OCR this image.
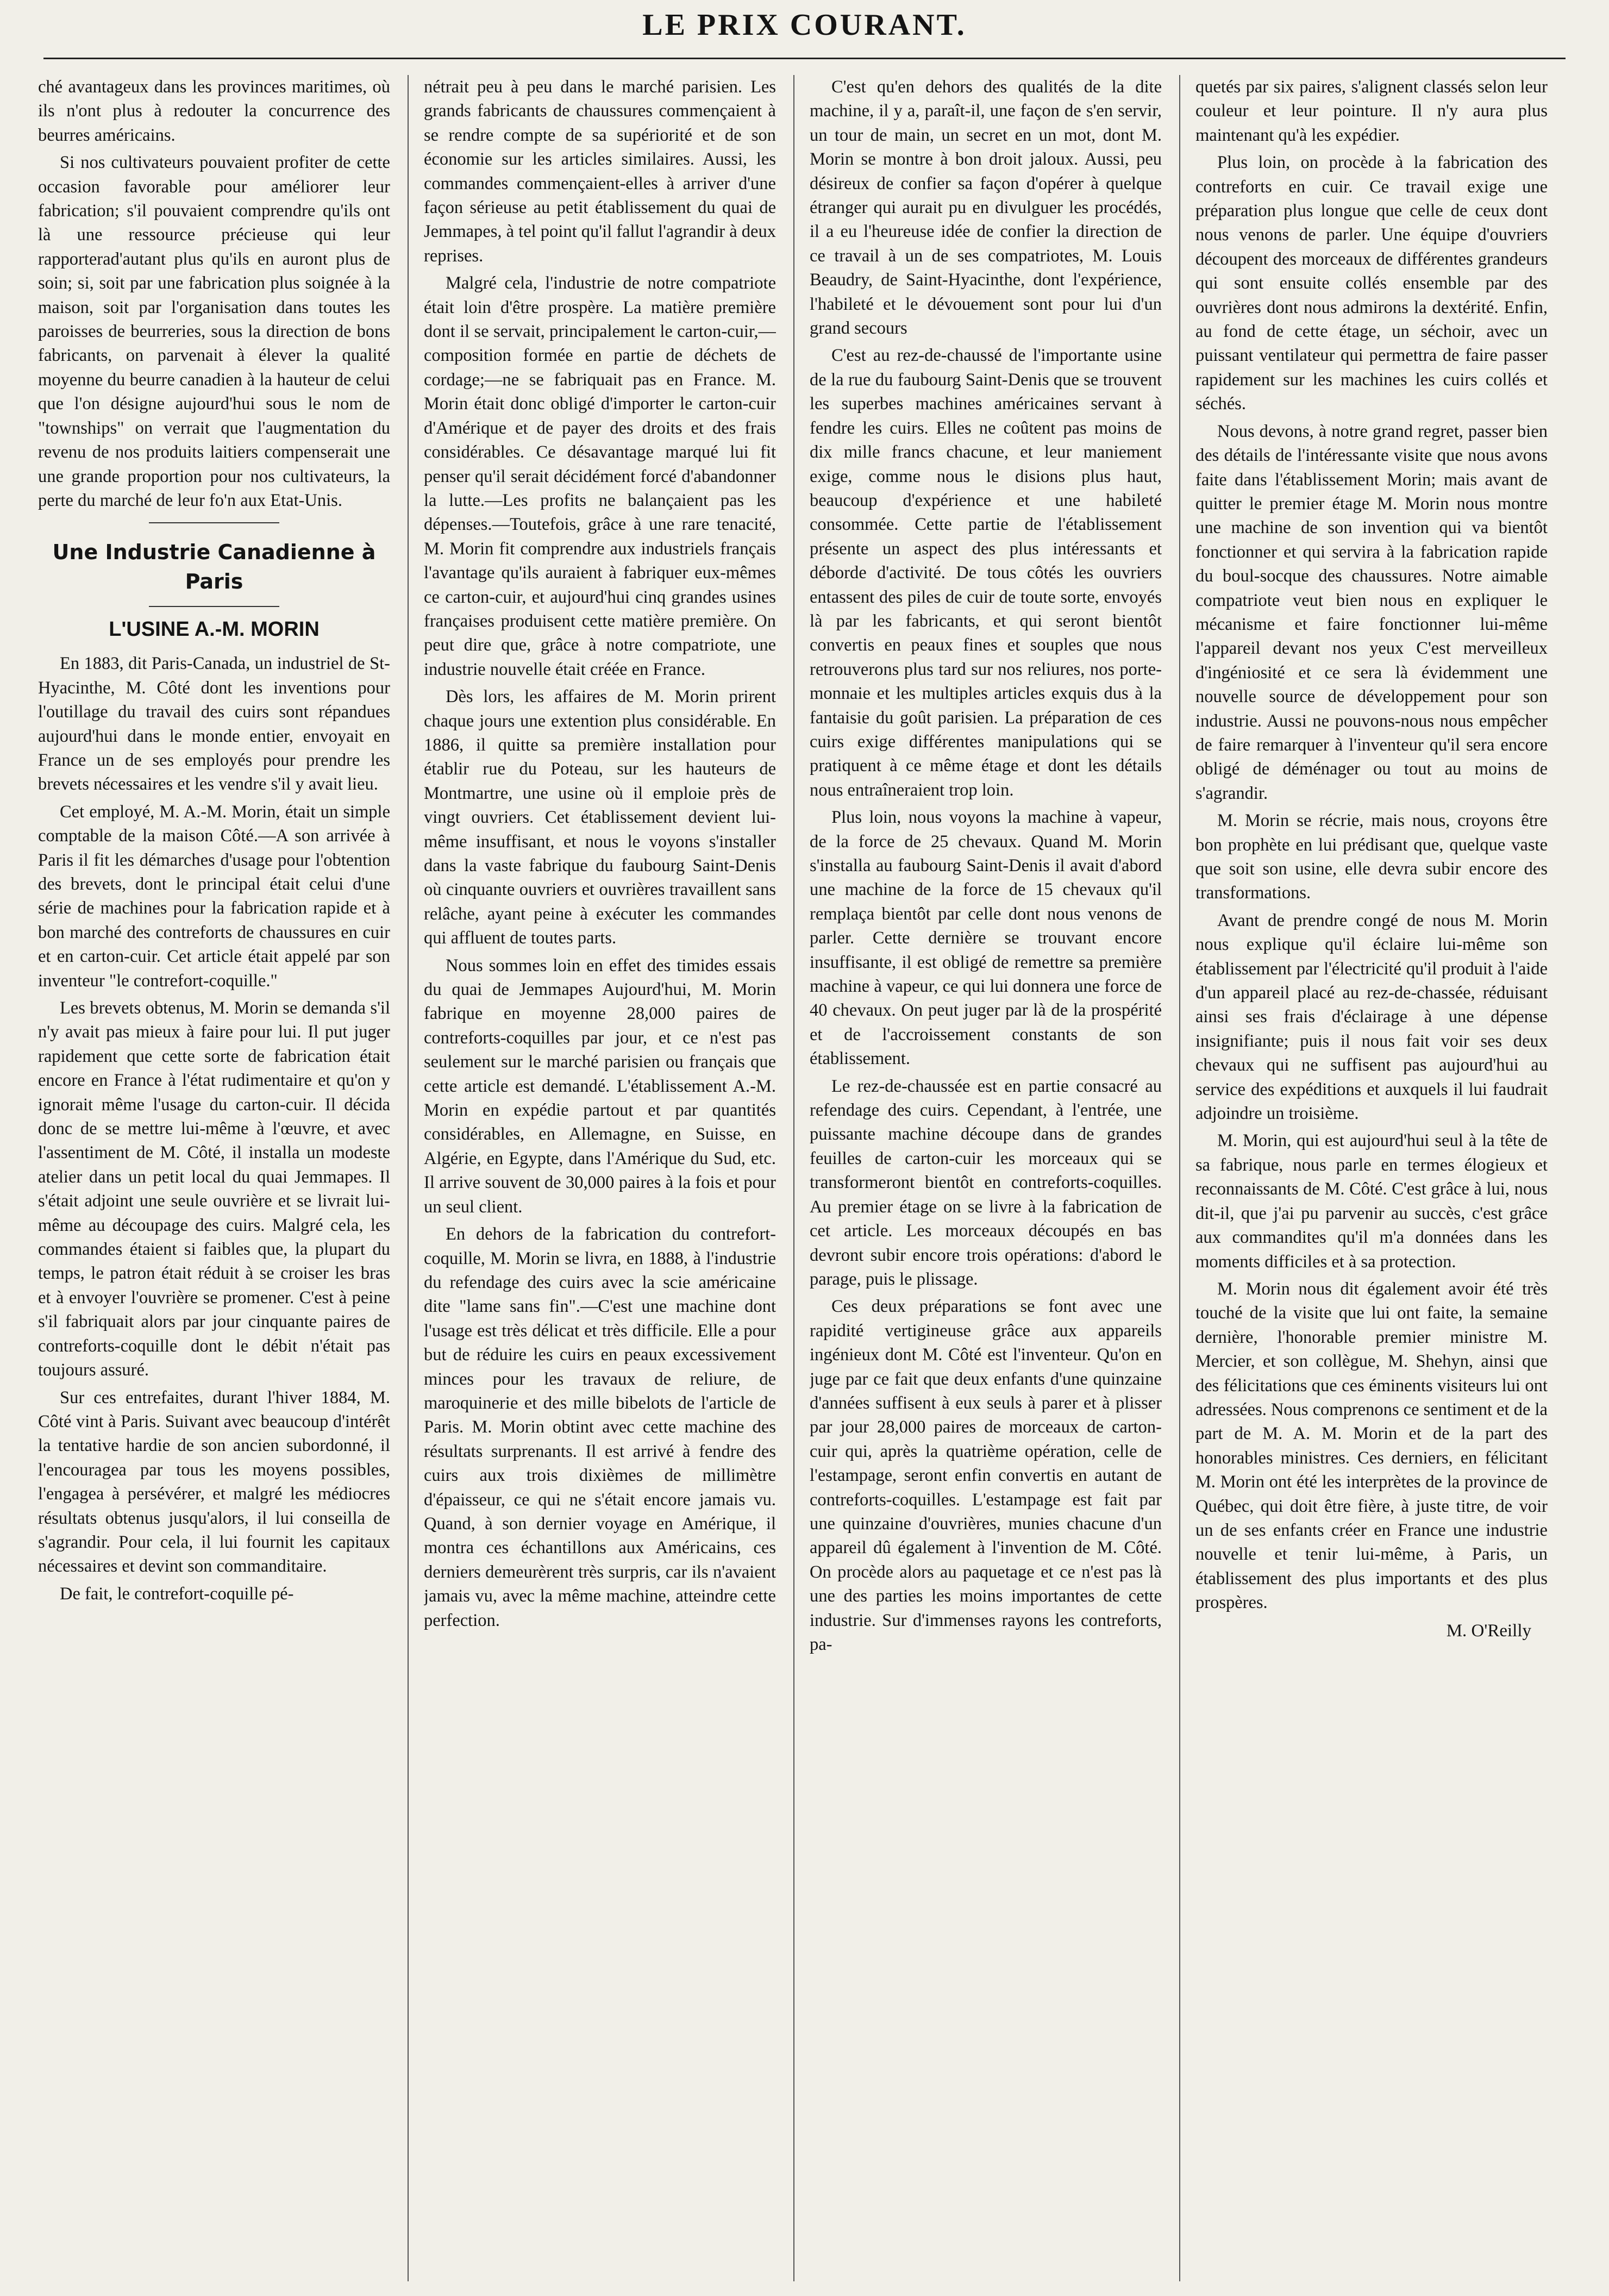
LE PRIX COURANT.

ché avantageux dans les provinces maritimes, où ils n'ont plus à redouter la concurrence des beurres américains.

Si nos cultivateurs pouvaient profiter de cette occasion favorable pour améliorer leur fabrication; s'il pouvaient comprendre qu'ils ont là une ressource précieuse qui leur rapporterad'autant plus qu'ils en auront plus de soin; si, soit par une fabrication plus soignée à la maison, soit par l'organisation dans toutes les paroisses de beurreries, sous la direction de bons fabricants, on parvenait à élever la qualité moyenne du beurre canadien à la hauteur de celui que l'on désigne aujourd'hui sous le nom de "townships" on verrait que l'augmentation du revenu de nos produits laitiers compenserait une une grande proportion pour nos cultivateurs, la perte du marché de leur fo'n aux Etat-Unis.

Une Industrie Canadienne à Paris
L'USINE A.-M. MORIN

En 1883, dit Paris-Canada, un industriel de St-Hyacinthe, M. Côté dont les inventions pour l'outillage du travail des cuirs sont répandues aujourd'hui dans le monde entier, envoyait en France un de ses employés pour prendre les brevets nécessaires et les vendre s'il y avait lieu.

Cet employé, M. A.-M. Morin, était un simple comptable de la maison Côté.—A son arrivée à Paris il fit les démarches d'usage pour l'obtention des brevets, dont le principal était celui d'une série de machines pour la fabrication rapide et à bon marché des contreforts de chaussures en cuir et en carton-cuir. Cet article était appelé par son inventeur "le contrefort-coquille."

Les brevets obtenus, M. Morin se demanda s'il n'y avait pas mieux à faire pour lui. Il put juger rapidement que cette sorte de fabrication était encore en France à l'état rudimentaire et qu'on y ignorait même l'usage du carton-cuir. Il décida donc de se mettre lui-même à l'œuvre, et avec l'assentiment de M. Côté, il installa un modeste atelier dans un petit local du quai Jemmapes. Il s'était adjoint une seule ouvrière et se livrait lui-même au découpage des cuirs. Malgré cela, les commandes étaient si faibles que, la plupart du temps, le patron était réduit à se croiser les bras et à envoyer l'ouvrière se promener. C'est à peine s'il fabriquait alors par jour cinquante paires de contreforts-coquille dont le débit n'était pas toujours assuré.

Sur ces entrefaites, durant l'hiver 1884, M. Côté vint à Paris. Suivant avec beaucoup d'intérêt la tentative hardie de son ancien subordonné, il l'encouragea par tous les moyens possibles, l'engagea à persévérer, et malgré les médiocres résultats obtenus jusqu'alors, il lui conseilla de s'agrandir. Pour cela, il lui fournit les capitaux nécessaires et devint son commanditaire.

De fait, le contrefort-coquille pé-

nétrait peu à peu dans le marché parisien. Les grands fabricants de chaussures commençaient à se rendre compte de sa supériorité et de son économie sur les articles similaires. Aussi, les commandes commençaient-elles à arriver d'une façon sérieuse au petit établissement du quai de Jemmapes, à tel point qu'il fallut l'agrandir à deux reprises.

Malgré cela, l'industrie de notre compatriote était loin d'être prospère. La matière première dont il se servait, principalement le carton-cuir,—composition formée en partie de déchets de cordage;—ne se fabriquait pas en France. M. Morin était donc obligé d'importer le carton-cuir d'Amérique et de payer des droits et des frais considérables. Ce désavantage marqué lui fit penser qu'il serait décidément forcé d'abandonner la lutte.—Les profits ne balançaient pas les dépenses.—Toutefois, grâce à une rare tenacité, M. Morin fit comprendre aux industriels français l'avantage qu'ils auraient à fabriquer eux-mêmes ce carton-cuir, et aujourd'hui cinq grandes usines françaises produisent cette matière première. On peut dire que, grâce à notre compatriote, une industrie nouvelle était créée en France.

Dès lors, les affaires de M. Morin prirent chaque jours une extention plus considérable. En 1886, il quitte sa première installation pour établir rue du Poteau, sur les hauteurs de Montmartre, une usine où il emploie près de vingt ouvriers. Cet établissement devient lui-même insuffisant, et nous le voyons s'installer dans la vaste fabrique du faubourg Saint-Denis où cinquante ouvriers et ouvrières travaillent sans relâche, ayant peine à exécuter les commandes qui affluent de toutes parts.

Nous sommes loin en effet des timides essais du quai de Jemmapes Aujourd'hui, M. Morin fabrique en moyenne 28,000 paires de contreforts-coquilles par jour, et ce n'est pas seulement sur le marché parisien ou français que cette article est demandé. L'établissement A.-M. Morin en expédie partout et par quantités considérables, en Allemagne, en Suisse, en Algérie, en Egypte, dans l'Amérique du Sud, etc. Il arrive souvent de 30,000 paires à la fois et pour un seul client.

En dehors de la fabrication du contrefort-coquille, M. Morin se livra, en 1888, à l'industrie du refendage des cuirs avec la scie américaine dite "lame sans fin".—C'est une machine dont l'usage est très délicat et très difficile. Elle a pour but de réduire les cuirs en peaux excessivement minces pour les travaux de reliure, de maroquinerie et des mille bibelots de l'article de Paris. M. Morin obtint avec cette machine des résultats surprenants. Il est arrivé à fendre des cuirs aux trois dixièmes de millimètre d'épaisseur, ce qui ne s'était encore jamais vu. Quand, à son dernier voyage en Amérique, il montra ces échantillons aux Américains, ces derniers demeurèrent très surpris, car ils n'avaient jamais vu, avec la même machine, atteindre cette perfection.

C'est qu'en dehors des qualités de la dite machine, il y a, paraît-il, une façon de s'en servir, un tour de main, un secret en un mot, dont M. Morin se montre à bon droit jaloux. Aussi, peu désireux de confier sa façon d'opérer à quelque étranger qui aurait pu en divulguer les procédés, il a eu l'heureuse idée de confier la direction de ce travail à un de ses compatriotes, M. Louis Beaudry, de Saint-Hyacinthe, dont l'expérience, l'habileté et le dévouement sont pour lui d'un grand secours

C'est au rez-de-chaussé de l'importante usine de la rue du faubourg Saint-Denis que se trouvent les superbes machines américaines servant à fendre les cuirs. Elles ne coûtent pas moins de dix mille francs chacune, et leur maniement exige, comme nous le disions plus haut, beaucoup d'expérience et une habileté consommée. Cette partie de l'établissement présente un aspect des plus intéressants et déborde d'activité. De tous côtés les ouvriers entassent des piles de cuir de toute sorte, envoyés là par les fabricants, et qui seront bientôt convertis en peaux fines et souples que nous retrouverons plus tard sur nos reliures, nos porte-monnaie et les multiples articles exquis dus à la fantaisie du goût parisien. La préparation de ces cuirs exige différentes manipulations qui se pratiquent à ce même étage et dont les détails nous entraîneraient trop loin.

Plus loin, nous voyons la machine à vapeur, de la force de 25 chevaux. Quand M. Morin s'installa au faubourg Saint-Denis il avait d'abord une machine de la force de 15 chevaux qu'il remplaça bientôt par celle dont nous venons de parler. Cette dernière se trouvant encore insuffisante, il est obligé de remettre sa première machine à vapeur, ce qui lui donnera une force de 40 chevaux. On peut juger par là de la prospérité et de l'accroissement constants de son établissement.

Le rez-de-chaussée est en partie consacré au refendage des cuirs. Cependant, à l'entrée, une puissante machine découpe dans de grandes feuilles de carton-cuir les morceaux qui se transformeront bientôt en contreforts-coquilles. Au premier étage on se livre à la fabrication de cet article. Les morceaux découpés en bas devront subir encore trois opérations: d'abord le parage, puis le plissage.

Ces deux préparations se font avec une rapidité vertigineuse grâce aux appareils ingénieux dont M. Côté est l'inventeur. Qu'on en juge par ce fait que deux enfants d'une quinzaine d'années suffisent à eux seuls à parer et à plisser par jour 28,000 paires de morceaux de carton-cuir qui, après la quatrième opération, celle de l'estampage, seront enfin convertis en autant de contreforts-coquilles. L'estampage est fait par une quinzaine d'ouvrières, munies chacune d'un appareil dû également à l'invention de M. Côté. On procède alors au paquetage et ce n'est pas là une des parties les moins importantes de cette industrie. Sur d'immenses rayons les contreforts, pa-

quetés par six paires, s'alignent classés selon leur couleur et leur pointure. Il n'y aura plus maintenant qu'à les expédier.

Plus loin, on procède à la fabrication des contreforts en cuir. Ce travail exige une préparation plus longue que celle de ceux dont nous venons de parler. Une équipe d'ouvriers découpent des morceaux de différentes grandeurs qui sont ensuite collés ensemble par des ouvrières dont nous admirons la dextérité. Enfin, au fond de cette étage, un séchoir, avec un puissant ventilateur qui permettra de faire passer rapidement sur les machines les cuirs collés et séchés.

Nous devons, à notre grand regret, passer bien des détails de l'intéressante visite que nous avons faite dans l'établissement Morin; mais avant de quitter le premier étage M. Morin nous montre une machine de son invention qui va bientôt fonctionner et qui servira à la fabrication rapide du boul-socque des chaussures. Notre aimable compatriote veut bien nous en expliquer le mécanisme et faire fonctionner lui-même l'appareil devant nos yeux C'est merveilleux d'ingéniosité et ce sera là évidemment une nouvelle source de développement pour son industrie. Aussi ne pouvons-nous nous empêcher de faire remarquer à l'inventeur qu'il sera encore obligé de déménager ou tout au moins de s'agrandir.

M. Morin se récrie, mais nous, croyons être bon prophète en lui prédisant que, quelque vaste que soit son usine, elle devra subir encore des transformations.

Avant de prendre congé de nous M. Morin nous explique qu'il éclaire lui-même son établissement par l'électricité qu'il produit à l'aide d'un appareil placé au rez-de-chassée, réduisant ainsi ses frais d'éclairage à une dépense insignifiante; puis il nous fait voir ses deux chevaux qui ne suffisent pas aujourd'hui au service des expéditions et auxquels il lui faudrait adjoindre un troisième.

M. Morin, qui est aujourd'hui seul à la tête de sa fabrique, nous parle en termes élogieux et reconnaissants de M. Côté. C'est grâce à lui, nous dit-il, que j'ai pu parvenir au succès, c'est grâce aux commandites qu'il m'a données dans les moments difficiles et à sa protection.

M. Morin nous dit également avoir été très touché de la visite que lui ont faite, la semaine dernière, l'honorable premier ministre M. Mercier, et son collègue, M. Shehyn, ainsi que des félicitations que ces éminents visiteurs lui ont adressées. Nous comprenons ce sentiment et de la part de M. A. M. Morin et de la part des honorables ministres. Ces derniers, en félicitant M. Morin ont été les interprètes de la province de Québec, qui doit être fière, à juste titre, de voir un de ses enfants créer en France une industrie nouvelle et tenir lui-même, à Paris, un établissement des plus importants et des plus prospères.

M. O'Reilly
